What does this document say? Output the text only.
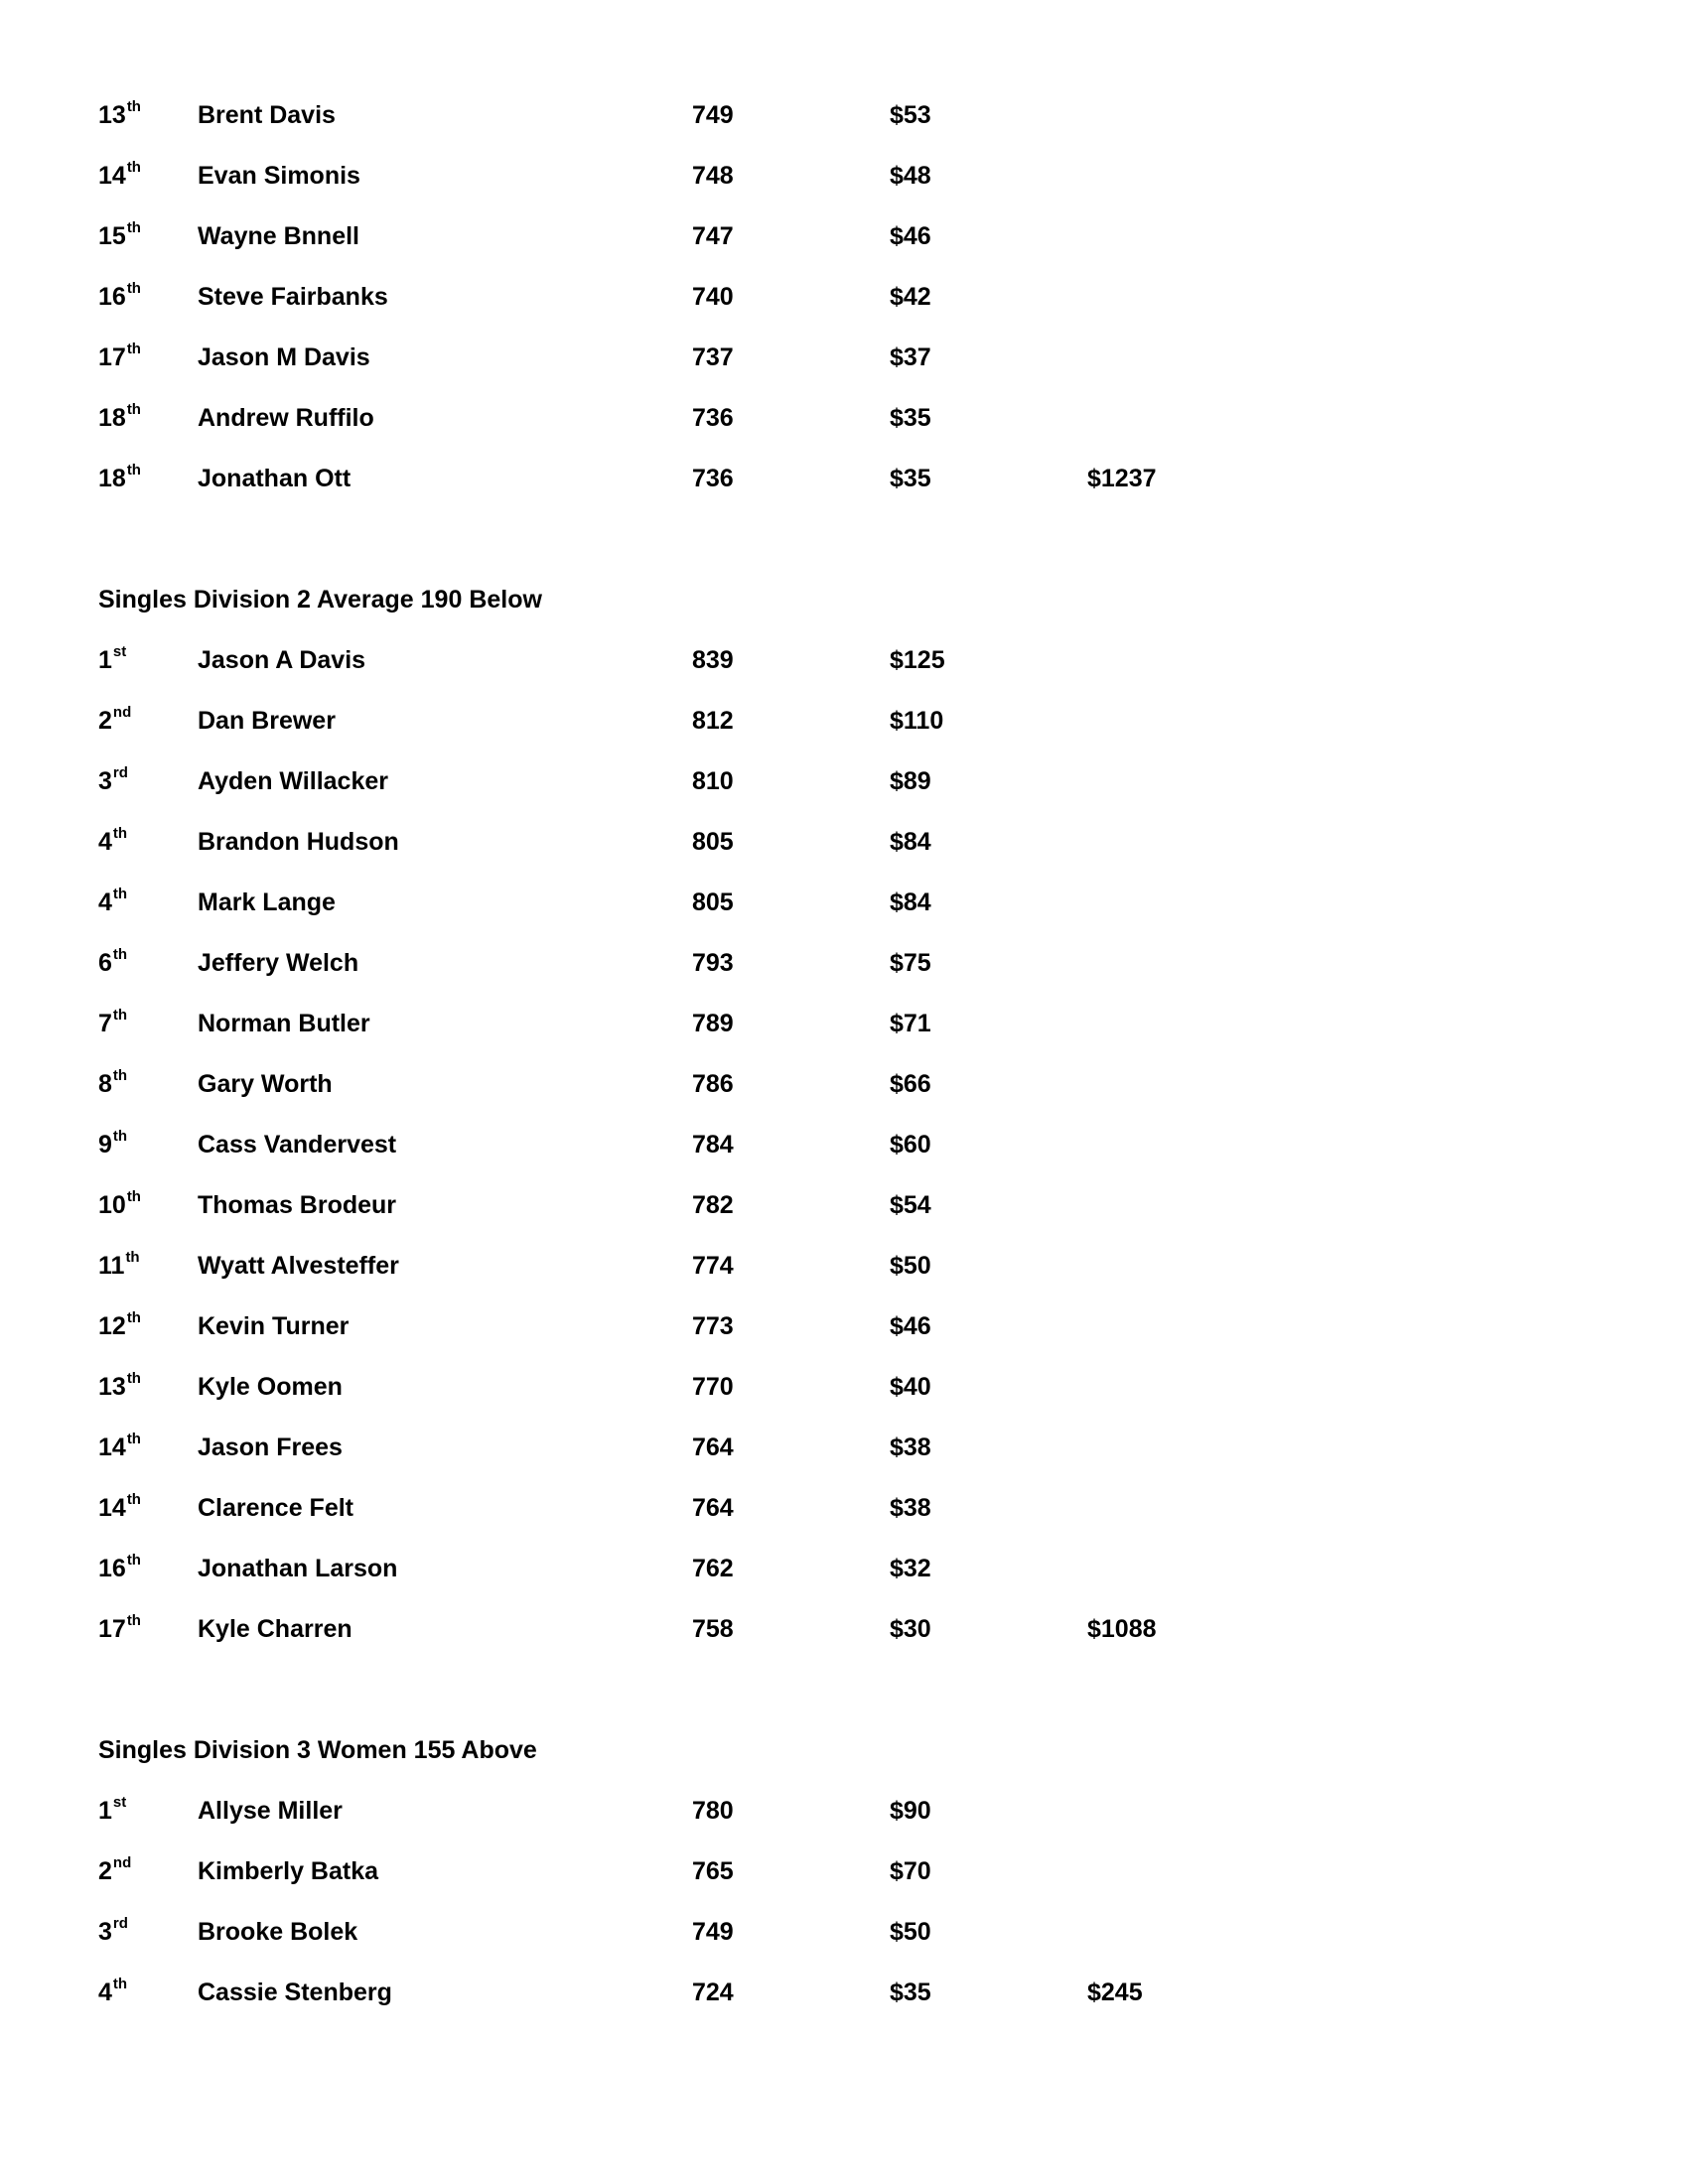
13th Brent Davis	749	$53
14th Evan Simonis	748	$48
15th Wayne Bnnell	747	$46
16th Steve Fairbanks	740	$42
17th Jason M Davis	737	$37
18th Andrew Ruffilo	736	$35
18th Jonathan Ott	736	$35	$1237
Singles Division 2 Average 190 Below
1st	Jason A Davis	839	$125
2nd	Dan Brewer	812	$110
3rd	Ayden Willacker	810	$89
4th	Brandon Hudson	805	$84
4th	Mark Lange	805	$84
6th	Jeffery Welch	793	$75
7th	Norman Butler	789	$71
8th	Gary Worth	786	$66
9th	Cass Vandervest	784	$60
10th Thomas Brodeur	782	$54
11th Wyatt Alvesteffer	774	$50
12th Kevin Turner	773	$46
13th Kyle Oomen	770	$40
14th Jason Frees	764	$38
14th Clarence Felt	764	$38
16th Jonathan Larson	762	$32
17th Kyle Charren	758	$30	$1088
Singles Division 3 Women 155 Above
1st	Allyse Miller	780	$90
2nd	Kimberly Batka	765	$70
3rd	Brooke Bolek	749	$50
4th	Cassie Stenberg	724	$35	$245
